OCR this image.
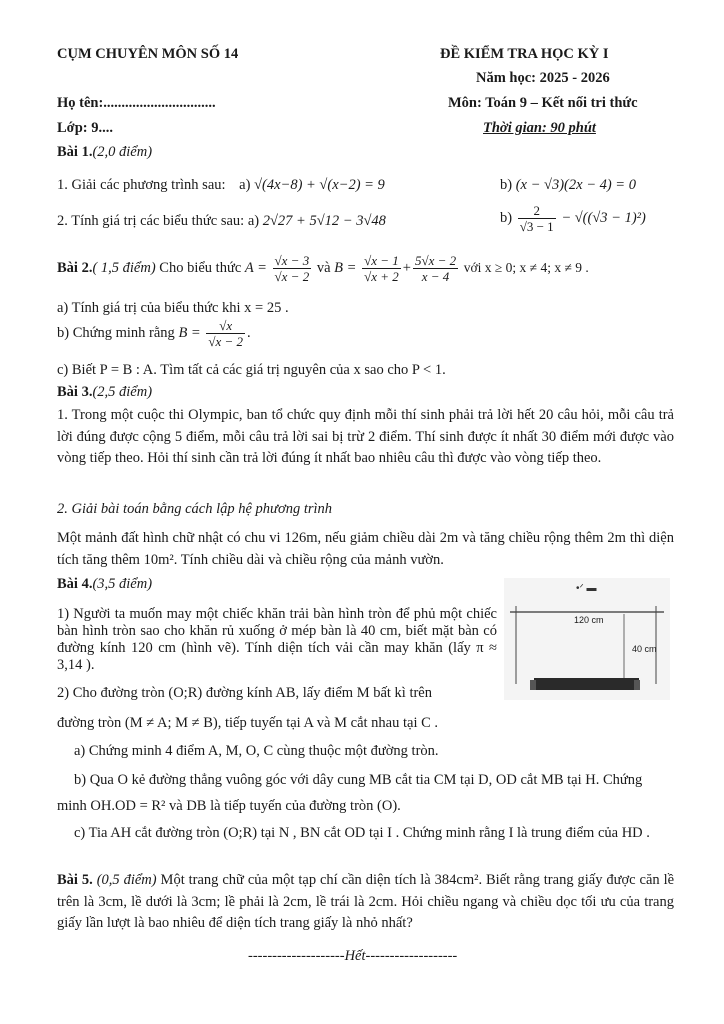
CỤM CHUYÊN MÔN SỐ 14	ĐỀ KIỂM TRA HỌC KỲ I
Năm học: 2025 - 2026
Họ tên:...............................	Môn: Toán 9 – Kết nối tri thức
Lớp: 9....	Thời gian: 90 phút
Bài 1.(2,0 điểm)
1. Giải các phương trình sau: a) √(4x−8) + √(x−2) = 9	b) (x − √3)(2x − 4) = 0
2. Tính giá trị các biểu thức sau: a) 2√27 + 5√12 − 3√48	$b) \frac{2}{√3 - 1} - √((√3 - 1)^2)$
Bài 2.( 1,5 điểm) Cho biểu thức $A = \frac{√x - 3}{√x - 2}$ và $B = \frac{√x - 1}{√x + 2} + \frac{5√x - 2}{x - 4}$ với x ≥ 0; x ≠ 4; x ≠ 9 .
a) Tính giá trị của biểu thức khi x = 25 .
b) Chứng minh rằng $B = \frac{√x}{√x - 2}$ .
c) Biết P = B : A. Tìm tất cả các giá trị nguyên của x sao cho P < 1.
Bài 3.(2,5 điểm)
1. Trong một cuộc thi Olympic, ban tổ chức quy định mỗi thí sinh phải trả lời hết 20 câu hỏi, mỗi câu trả lời đúng được cộng 5 điểm, mỗi câu trả lời sai bị trừ 2 điểm. Thí sinh được ít nhất 30 điểm mới được vào vòng tiếp theo. Hỏi thí sinh cần trả lời đúng ít nhất bao nhiêu câu thì được vào vòng tiếp theo.
2. Giải bài toán bằng cách lập hệ phương trình
Một mảnh đất hình chữ nhật có chu vi 126m, nếu giảm chiều dài 2m và tăng chiều rộng thêm 2m thì diện tích tăng thêm 10m². Tính chiều dài và chiều rộng của mảnh vườn.
Bài 4.(3,5 điểm)
1) Người ta muốn may một chiếc khăn trải bàn hình tròn để phủ một chiếc bàn hình tròn sao cho khăn rủ xuống ở mép bàn là 40 cm, biết mặt bàn có đường kính 120 cm (hình vẽ). Tính diện tích vải cần may khăn (lấy π ≈ 3,14 ).
•ᐟ ▬
120 cm
40 cm
2) Cho đường tròn (O;R) đường kính AB, lấy điểm M bất kì trên
đường tròn (M ≠ A; M ≠ B), tiếp tuyến tại A và M cắt nhau tại C .
a) Chứng minh 4 điểm A, M, O, C cùng thuộc một đường tròn.
b) Qua O kẻ đường thẳng vuông góc với dây cung MB cắt tia CM tại D, OD cắt MB tại H. Chứng minh OH.OD = R² và DB là tiếp tuyến của đường tròn (O).
c) Tia AH cắt đường tròn (O;R) tại N , BN cắt OD tại I . Chứng minh rằng I là trung điểm của HD .
Bài 5. (0,5 điểm) Một trang chữ của một tạp chí cần diện tích là 384cm². Biết rằng trang giấy được căn lề trên là 3cm, lề dưới là 3cm; lề phải là 2cm, lề trái là 2cm. Hỏi chiều ngang và chiều dọc tối ưu của trang giấy lần lượt là bao nhiêu để diện tích trang giấy là nhỏ nhất?
--------------------Hết-------------------
